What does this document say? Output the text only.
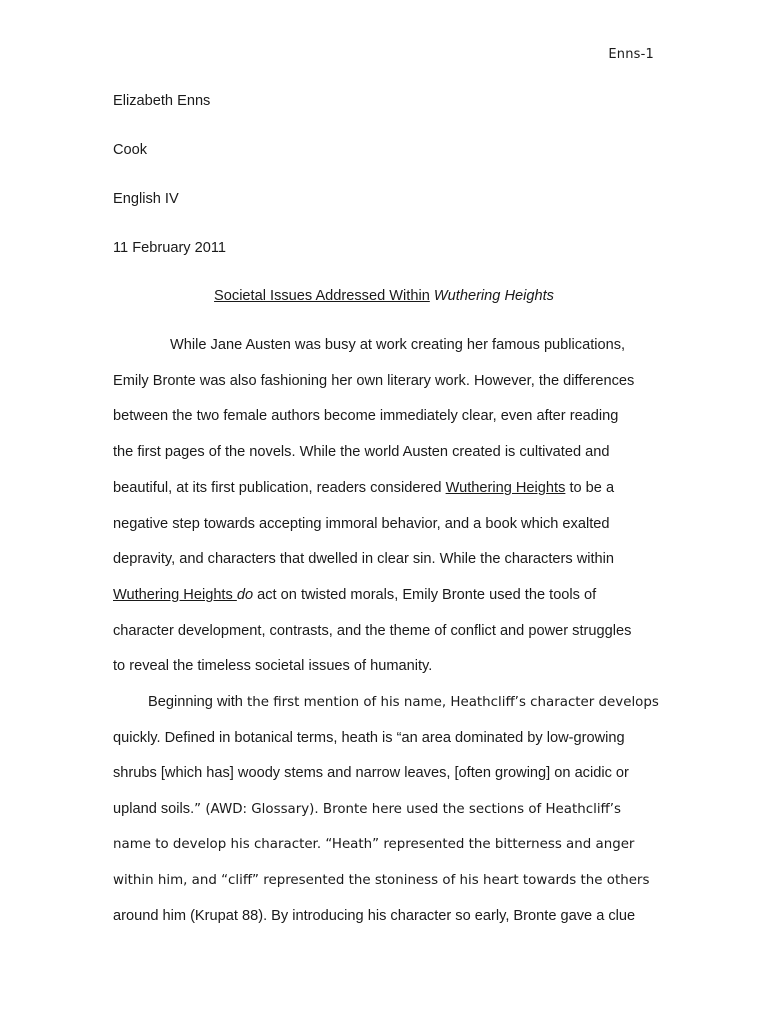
Enns-1
Elizabeth Enns
Cook
English IV
11 February 2011
Societal Issues Addressed Within Wuthering Heights
While Jane Austen was busy at work creating her famous publications,
Emily Bronte was also fashioning her own literary work. However, the differences
between the two female authors become immediately clear, even after reading
the first pages of the novels. While the world Austen created is cultivated and
beautiful, at its first publication, readers considered Wuthering Heights to be a
negative step towards accepting immoral behavior, and a book which exalted
depravity, and characters that dwelled in clear sin. While the characters within
Wuthering Heights do act on twisted morals, Emily Bronte used the tools of
character development, contrasts, and the theme of conflict and power struggles
to reveal the timeless societal issues of humanity.
Beginning with the first mention of his name, Heathcliff’s character develops
quickly. Defined in botanical terms, heath is “an area dominated by low-growing
shrubs [which has] woody stems and narrow leaves, [often growing] on acidic or
upland soils.” (AWD: Glossary). Bronte here used the sections of Heathcliff’s
name to develop his character. “Heath” represented the bitterness and anger
within him, and “cliff” represented the stoniness of his heart towards the others
around him (Krupat 88). By introducing his character so early, Bronte gave a clue
